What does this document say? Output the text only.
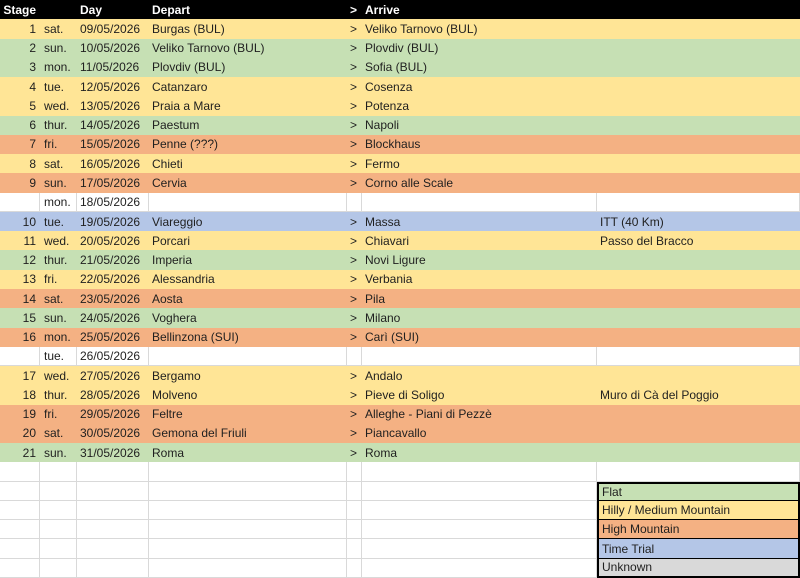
Stage	Day	Depart	> Arrive
1 sat.	09/05/2026 Burgas (BUL)	> Veliko Tarnovo (BUL)
2 sun.	10/05/2026 Veliko Tarnovo (BUL)	> Plovdiv (BUL)
3 mon. 11/05/2026	Plovdiv (BUL)	> Sofia (BUL)
4 tue.	12/05/2026 Catanzaro	> Cosenza
5 wed. 13/05/2026 Praia a Mare	> Potenza
6 thur.	14/05/2026 Paestum	> Napoli
7 fri.	15/05/2026 Penne (???)	> Blockhaus
8 sat.	16/05/2026 Chieti	> Fermo
9 sun.	17/05/2026 Cervia	> Corno alle Scale
mon. 18/05/2026
10 tue.	19/05/2026 Viareggio	> Massa	ITT (40 Km)
11 wed. 20/05/2026 Porcari	> Chiavari	Passo del Bracco
12 thur.	21/05/2026 Imperia	> Novi Ligure
13 fri.	22/05/2026 Alessandria	> Verbania
14 sat.	23/05/2026 Aosta	> Pila
15 sun.	24/05/2026 Voghera	> Milano
16 mon. 25/05/2026 Bellinzona (SUI)	> Carì (SUI)
tue.	26/05/2026
17 wed. 27/05/2026 Bergamo	> Andalo
18 thur.	28/05/2026 Molveno	> Pieve di Soligo	Muro di Cà del Poggio
19 fri.	29/05/2026 Feltre	> Alleghe - Piani di Pezzè
20 sat.	30/05/2026 Gemona del Friuli	> Piancavallo
21 sun.	31/05/2026 Roma	> Roma
Flat
Hilly / Medium Mountain
High Mountain
Time Trial
Unknown
